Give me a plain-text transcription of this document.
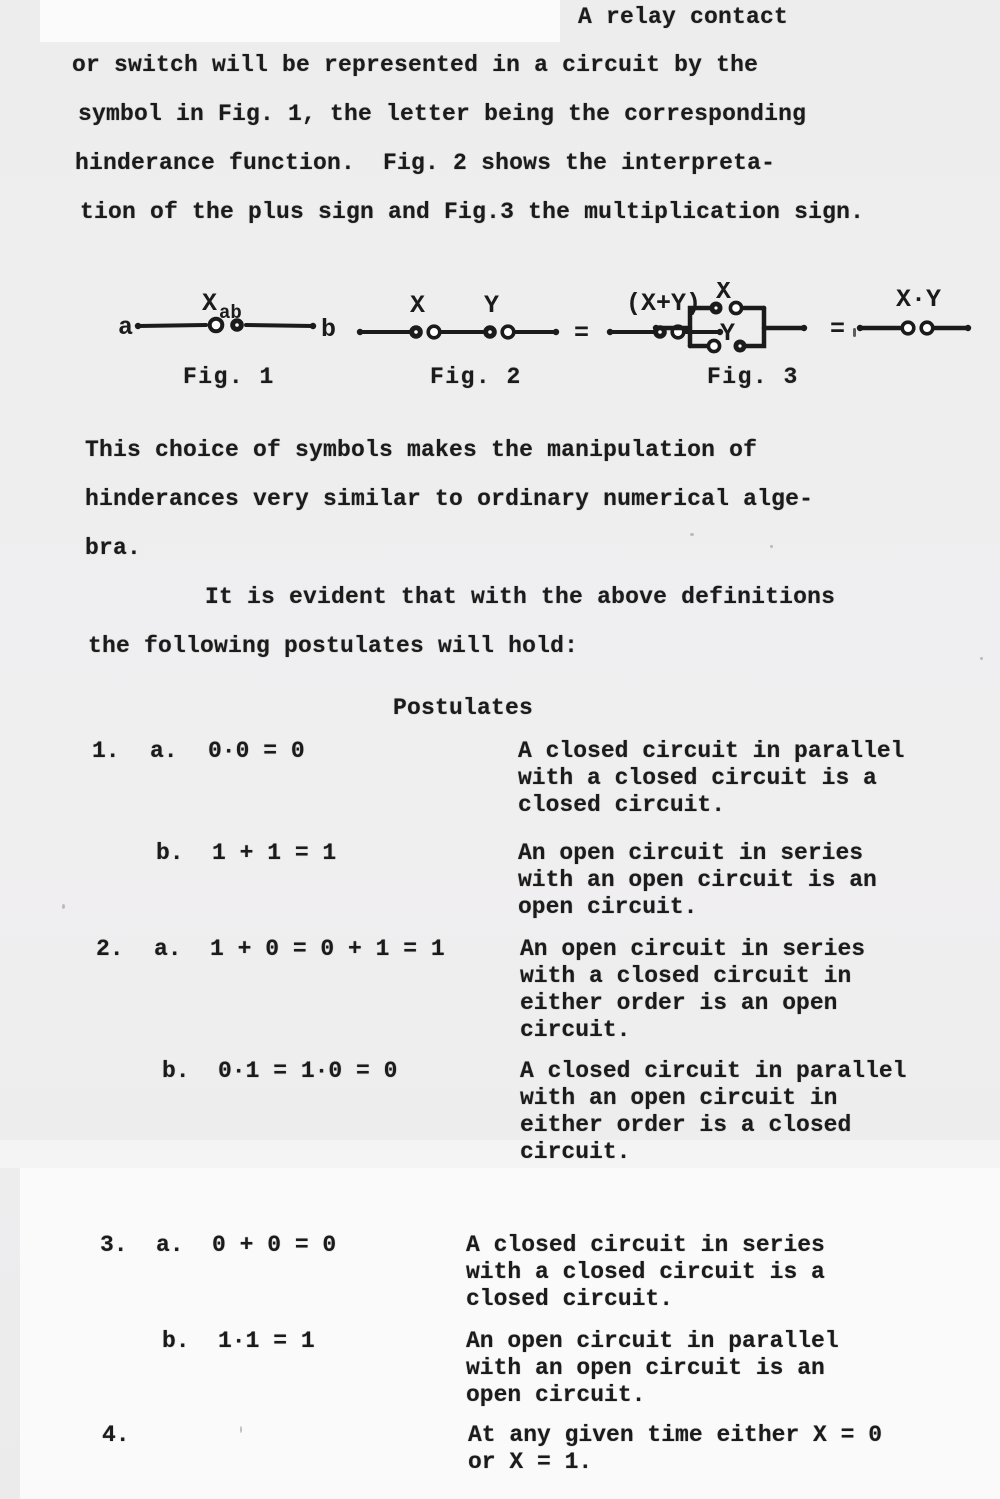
A relay contact
or switch will be represented in a circuit by the
symbol in Fig. 1, the letter being the corresponding
hinderance function.  Fig. 2 shows the interpreta-
tion of the plus sign and Fig.3 the multiplication sign.
X ab
a	b
X Y
=
(X+Y) X
Y	=
X·Y
Fig. 1	Fig. 2	Fig. 3
This choice of symbols makes the manipulation of
hinderances very similar to ordinary numerical alge-
bra.
It is evident that with the above definitions
the following postulates will hold:
Postulates
1. a. 0·0 = 0	A closed circuit in parallel
with a closed circuit is a
closed circuit.
b. 1 + 1 = 1	An open circuit in series
with an open circuit is an
open circuit.
2. a. 1 + 0 = 0 + 1 = 1	An open circuit in series
with a closed circuit in
either order is an open
circuit.
b. 0·1 = 1·0 = 0	A closed circuit in parallel
with an open circuit in
either order is a closed
circuit.
3. a. 0 + 0 = 0	A closed circuit in series
with a closed circuit is a
closed circuit.
b. 1·1 = 1	An open circuit in parallel
with an open circuit is an
open circuit.
4.	At any given time either X = 0
or X = 1.
